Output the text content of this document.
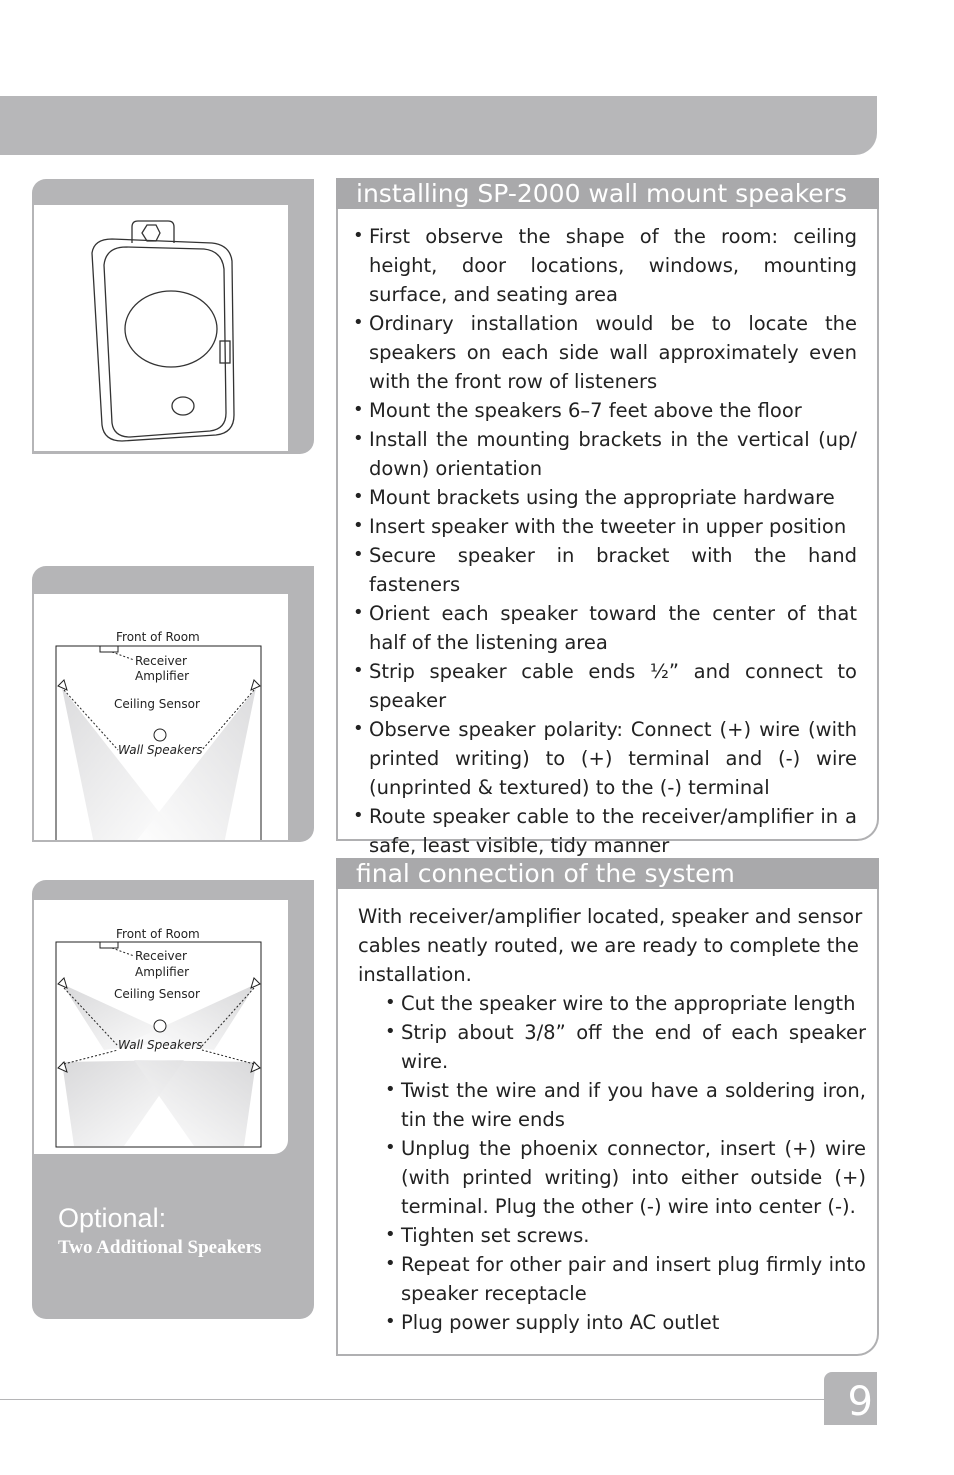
Front of Room
Receiver
Amplifier
Ceiling Sensor
Wall Speakers
Front of Room
Receiver
Amplifier
Ceiling Sensor
Wall Speakers
Optional:
Two Additional Speakers
installing SP-2000 wall mount speakers
• First observe the shape of the room: ceiling height, door locations, windows, mounting surface, and seating area
• Ordinary installation would be to locate the speakers on each side wall approximately even with the front row of listeners
• Mount the speakers 6–7 feet above the floor
• Install the mounting brackets in the vertical (up/ down) orientation
• Mount brackets using the appropriate hardware
• Insert speaker with the tweeter in upper position
• Secure speaker in bracket with the hand fasteners
• Orient each speaker toward the center of that half of the listening area
• Strip speaker cable ends ½” and connect to speaker
• Observe speaker polarity: Connect (+) wire (with printed writing) to (+) terminal and (-) wire (unprinted & textured) to the (-) terminal
• Route speaker cable to the receiver/amplifier in a safe, least visible, tidy manner
final connection of the system
With receiver/amplifier located, speaker and sensor cables neatly routed, we are ready to complete the installation.
• Cut the speaker wire to the appropriate length
• Strip about 3/8” off the end of each speaker wire.
• Twist the wire and if you have a soldering iron, tin the wire ends
• Unplug the phoenix connector, insert (+) wire (with printed writing) into either outside (+) terminal. Plug the other (-) wire into center (-).
• Tighten set screws.
• Repeat for other pair and insert plug firmly into speaker receptacle
• Plug power supply into AC outlet
9
